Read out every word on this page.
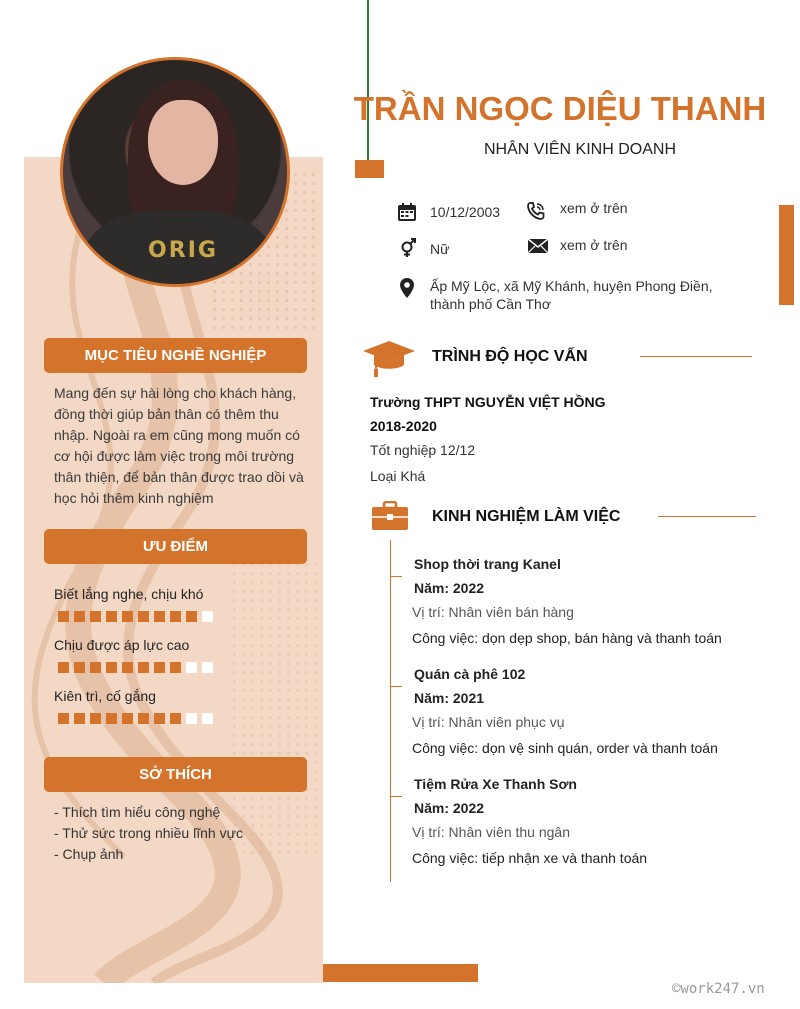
ORIG
TRẦN NGỌC DIỆU THANH
NHÂN VIÊN KINH DOANH
10/12/2003	xem ở trên
Nữ	xem ở trên
Ấp Mỹ Lộc, xã Mỹ Khánh, huyện Phong Điền,
thành phố Cần Thơ
TRÌNH ĐỘ HỌC VẤN
Trường THPT NGUYỄN VIỆT HỒNG
2018-2020
Tốt nghiệp 12/12
Loại Khá
KINH NGHIỆM LÀM VIỆC
Shop thời trang Kanel
Năm: 2022
Vị trí: Nhân viên bán hàng
Công việc: dọn dẹp shop, bán hàng và thanh toán
Quán cà phê 102
Năm: 2021
Vị trí: Nhân viên phục vụ
Công việc: dọn vệ sinh quán, order và thanh toán
Tiệm Rửa Xe Thanh Sơn
Năm: 2022
Vị trí: Nhân viên thu ngân
Công việc: tiếp nhận xe và thanh toán
MỤC TIÊU NGHỀ NGHIỆP
Mang đến sự hài lòng cho khách hàng,
đồng thời giúp bản thân có thêm thu
nhập. Ngoài ra em cũng mong muốn có
cơ hội được làm việc trong môi trường
thân thiện, để bản thân được trao dồi và
học hỏi thêm kinh nghiệm
ƯU ĐIỂM
Biết lắng nghe, chịu khó
Chịu được áp lực cao
Kiên trì, cố gắng
SỞ THÍCH
- Thích tìm hiểu công nghệ
- Thử sức trong nhiều lĩnh vực
- Chụp ảnh
©work247.vn
